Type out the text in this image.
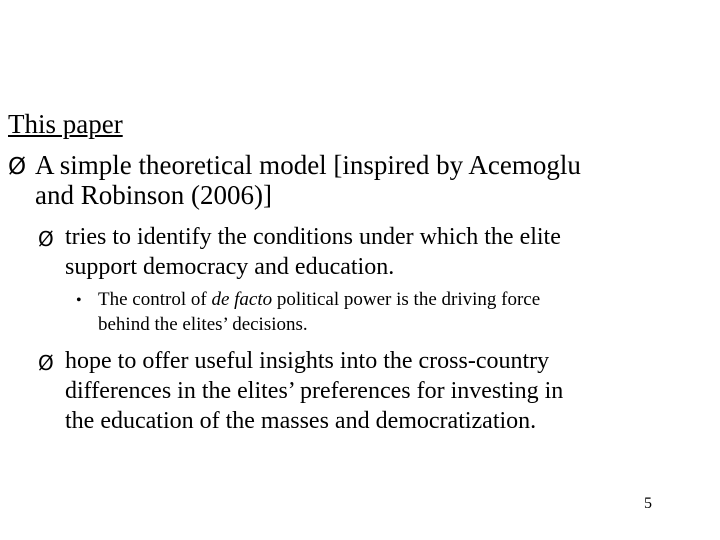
This paper
Ø A simple theoretical model [inspired by Acemoglu
and Robinson (2006)]
Ø tries to identify the conditions under which the elite
support democracy and education.
• The control of de facto political power is the driving force
behind the elites’ decisions.
Ø hope to offer useful insights into the cross-country
differences in the elites’ preferences for investing in
the education of the masses and democratization.
5
